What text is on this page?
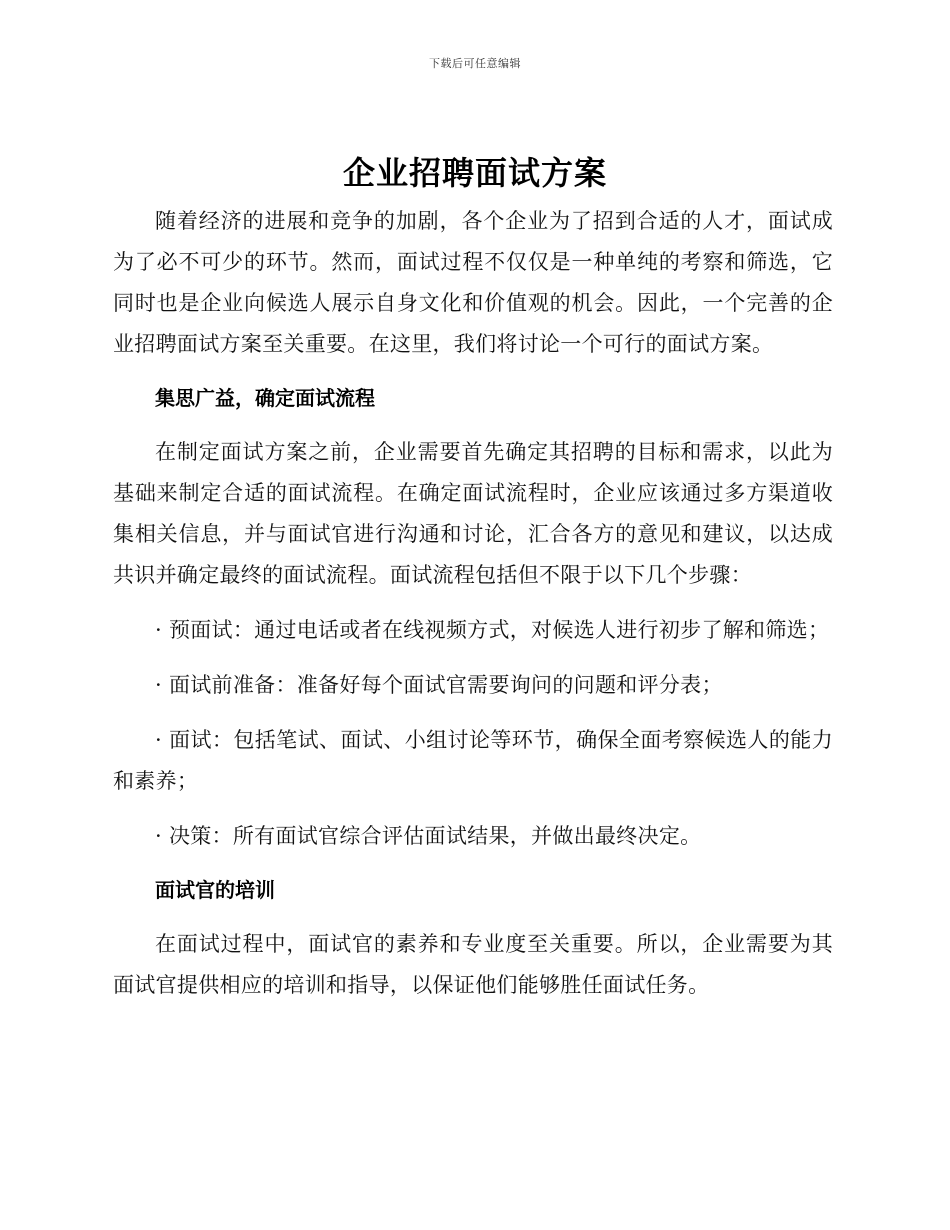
下载后可任意编辑
企业招聘面试方案

随着经济的进展和竞争的加剧，各个企业为了招到合适的人才，面试成为了必不可少的环节。然而，面试过程不仅仅是一种单纯的考察和筛选，它同时也是企业向候选人展示自身文化和价值观的机会。因此，一个完善的企业招聘面试方案至关重要。在这里，我们将讨论一个可行的面试方案。

集思广益，确定面试流程

在制定面试方案之前，企业需要首先确定其招聘的目标和需求，以此为基础来制定合适的面试流程。在确定面试流程时，企业应该通过多方渠道收集相关信息，并与面试官进行沟通和讨论，汇合各方的意见和建议，以达成共识并确定最终的面试流程。面试流程包括但不限于以下几个步骤：

· 预面试：通过电话或者在线视频方式，对候选人进行初步了解和筛选；

· 面试前准备：准备好每个面试官需要询问的问题和评分表；

· 面试：包括笔试、面试、小组讨论等环节，确保全面考察候选人的能力和素养；

· 决策：所有面试官综合评估面试结果，并做出最终决定。

面试官的培训

在面试过程中，面试官的素养和专业度至关重要。所以，企业需要为其面试官提供相应的培训和指导，以保证他们能够胜任面试任务。
